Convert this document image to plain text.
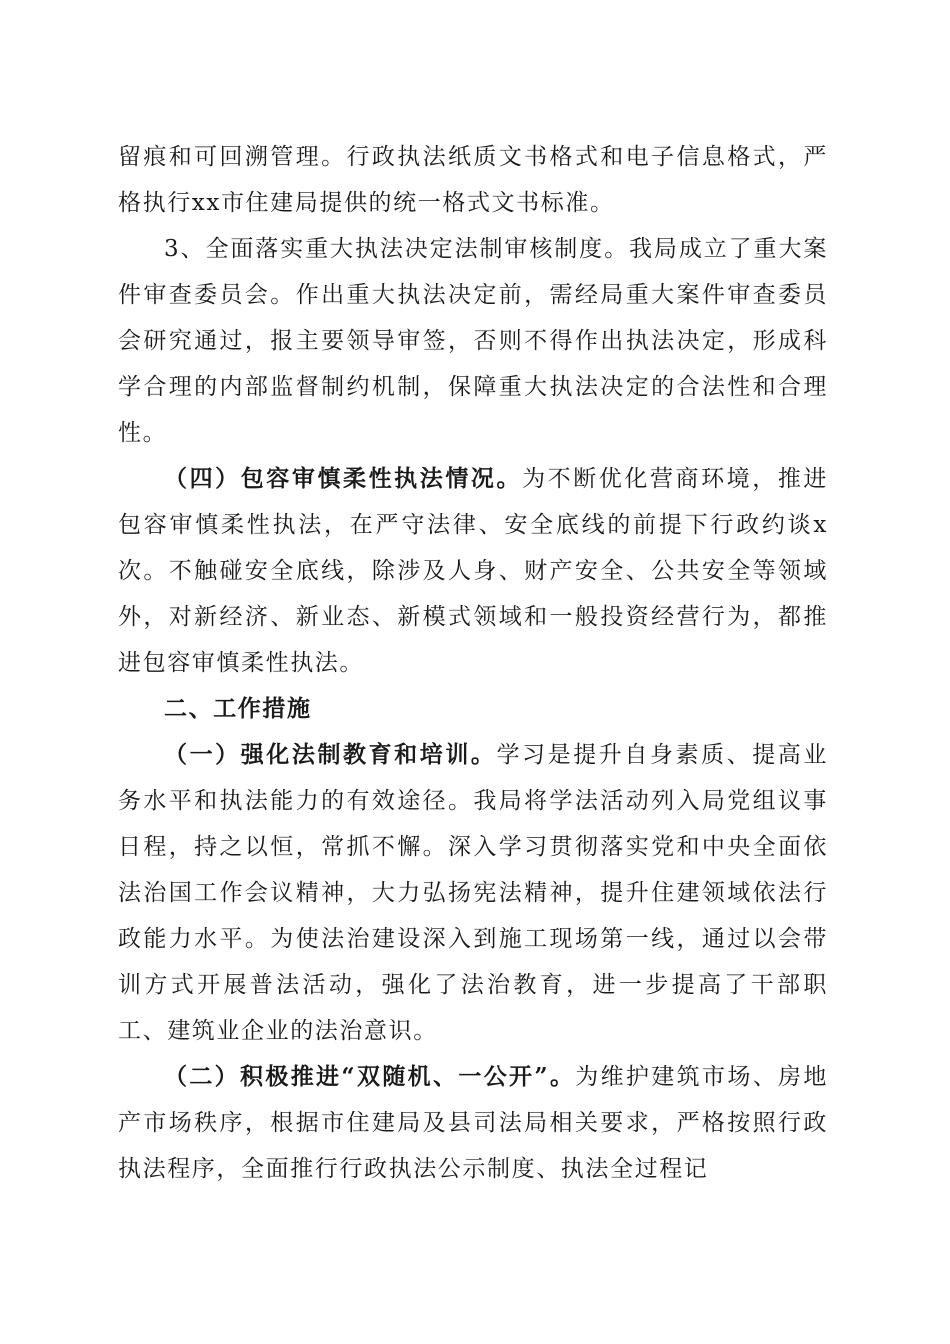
留痕和可回溯管理。行政执法纸质文书格式和电子信息格式，严格执行xx市住建局提供的统一格式文书标准。

3、全面落实重大执法决定法制审核制度。我局成立了重大案件审查委员会。作出重大执法决定前，需经局重大案件审查委员会研究通过，报主要领导审签，否则不得作出执法决定，形成科学合理的内部监督制约机制，保障重大执法决定的合法性和合理性。

（四）包容审慎柔性执法情况。为不断优化营商环境，推进包容审慎柔性执法，在严守法律、安全底线的前提下行政约谈x次。不触碰安全底线，除涉及人身、财产安全、公共安全等领域外，对新经济、新业态、新模式领域和一般投资经营行为，都推进包容审慎柔性执法。

二、工作措施

（一）强化法制教育和培训。学习是提升自身素质、提高业务水平和执法能力的有效途径。我局将学法活动列入局党组议事日程，持之以恒，常抓不懈。深入学习贯彻落实党和中央全面依法治国工作会议精神，大力弘扬宪法精神，提升住建领域依法行政能力水平。为使法治建设深入到施工现场第一线，通过以会带训方式开展普法活动，强化了法治教育，进一步提高了干部职工、建筑业企业的法治意识。

（二）积极推进“双随机、一公开”。为维护建筑市场、房地产市场秩序，根据市住建局及县司法局相关要求，严格按照行政执法程序，全面推行行政执法公示制度、执法全过程记
